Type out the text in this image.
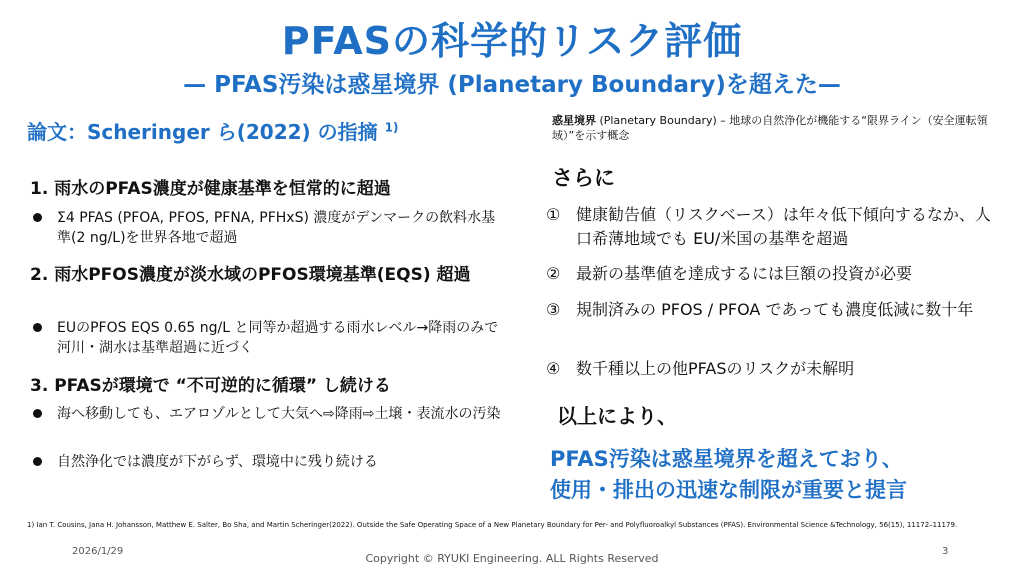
PFASの科学的リスク評価
— PFAS汚染は惑星境界 (Planetary Boundary)を超えた—
論文：Scheringer ら(2022) の指摘 $^{1)}$	惑星境界 (Planetary Boundary) – 地球の自然浄化が機能する“限界ライン（安全運転領域）”を示す概念
1. 雨水のPFAS濃度が健康基準を恒常的に超過
Σ4 PFAS (PFOA, PFOS, PFNA, PFHxS) 濃度がデンマークの飲料水基準(2 ng/L)を世界各地で超過
2. 雨水PFOS濃度が淡水域のPFOS環境基準(EQS) 超過
EUのPFOS EQS 0.65 ng/L と同等か超過する雨水レベル→降雨のみで河川・湖水は基準超過に近づく
3. PFASが環境で “不可逆的に循環” し続ける
海へ移動しても、エアロゾルとして大気へ⇨降雨⇨土壌・表流水の汚染
自然浄化では濃度が下がらず、環境中に残り続ける
さらに
① 健康勧告値（リスクベース）は年々低下傾向するなか、人口希薄地域でも EU/米国の基準を超過
② 最新の基準値を達成するには巨額の投資が必要
③ 規制済みの PFOS / PFOA であっても濃度低減に数十年
④ 数千種以上の他PFASのリスクが未解明
以上により、
PFAS汚染は惑星境界を超えており、
使用・排出の迅速な制限が重要と提言
1) Ian T. Cousins, Jana H. Johansson, Matthew E. Salter, Bo Sha, and Martin Scheringer(2022). Outside the Safe Operating Space of a New Planetary Boundary for Per- and Polyfluoroalkyl Substances (PFAS). Environmental Science &Technology, 56(15), 11172–11179.
2026/1/29
Copyright © RYUKI Engineering. ALL Rights Reserved
3
